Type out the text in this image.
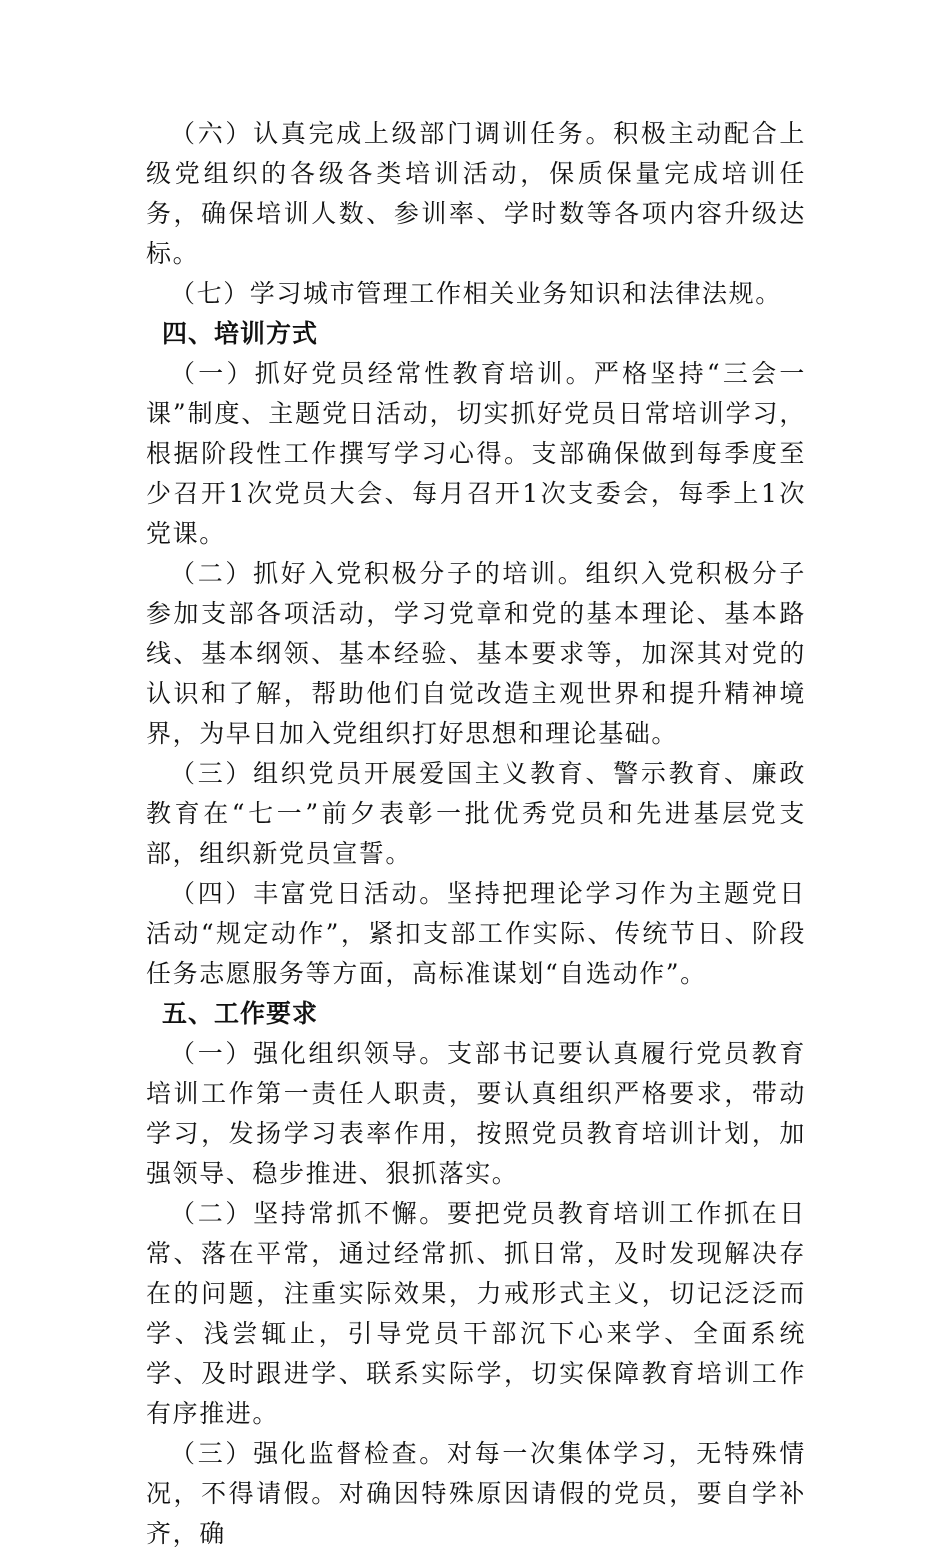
（六）认真完成上级部门调训任务。积极主动配合上级党组织的各级各类培训活动，保质保量完成培训任务，确保培训人数、参训率、学时数等各项内容升级达标。

（七）学习城市管理工作相关业务知识和法律法规。

四、培训方式

（一）抓好党员经常性教育培训。严格坚持“三会一课”制度、主题党日活动，切实抓好党员日常培训学习，根据阶段性工作撰写学习心得。支部确保做到每季度至少召开1次党员大会、每月召开1次支委会，每季上1次党课。

（二）抓好入党积极分子的培训。组织入党积极分子参加支部各项活动，学习党章和党的基本理论、基本路线、基本纲领、基本经验、基本要求等，加深其对党的认识和了解，帮助他们自觉改造主观世界和提升精神境界，为早日加入党组织打好思想和理论基础。

（三）组织党员开展爱国主义教育、警示教育、廉政教育在“七一”前夕表彰一批优秀党员和先进基层党支部，组织新党员宣誓。

（四）丰富党日活动。坚持把理论学习作为主题党日活动“规定动作”，紧扣支部工作实际、传统节日、阶段任务志愿服务等方面，高标准谋划“自选动作”。

五、工作要求

（一）强化组织领导。支部书记要认真履行党员教育培训工作第一责任人职责，要认真组织严格要求，带动学习，发扬学习表率作用，按照党员教育培训计划，加强领导、稳步推进、狠抓落实。

（二）坚持常抓不懈。要把党员教育培训工作抓在日常、落在平常，通过经常抓、抓日常，及时发现解决存在的问题，注重实际效果，力戒形式主义，切记泛泛而学、浅尝辄止，引导党员干部沉下心来学、全面系统学、及时跟进学、联系实际学，切实保障教育培训工作有序推进。

（三）强化监督检查。对每一次集体学习，无特殊情况，不得请假。对确因特殊原因请假的党员，要自学补齐，确
